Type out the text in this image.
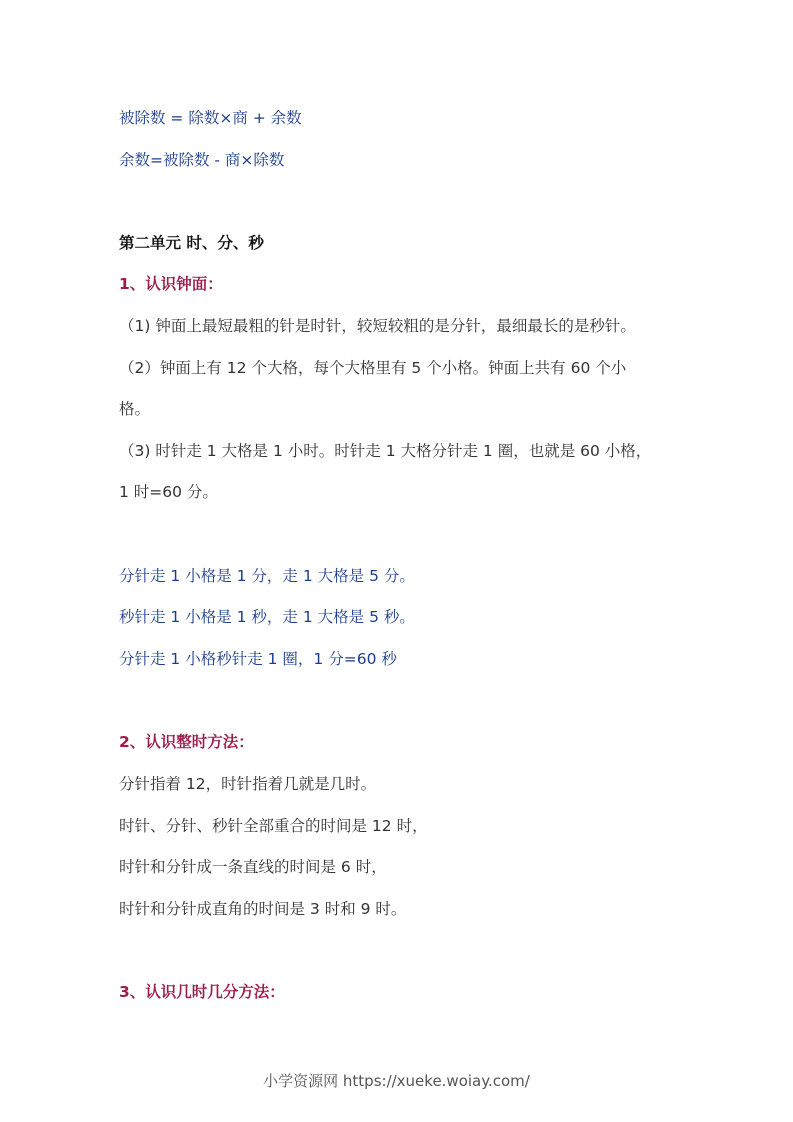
被除数 = 除数×商 + 余数
余数=被除数 - 商×除数
第二单元 时、分、秒
1、认识钟面：
（1) 钟面上最短最粗的针是时针，较短较粗的是分针，最细最长的是秒针。
（2）钟面上有 12 个大格，每个大格里有 5 个小格。钟面上共有 60 个小
格。
（3) 时针走 1 大格是 1 小时。时针走 1 大格分针走 1 圈，也就是 60 小格，
1 时=60 分。
分针走 1 小格是 1 分，走 1 大格是 5 分。
秒针走 1 小格是 1 秒，走 1 大格是 5 秒。
分针走 1 小格秒针走 1 圈，1 分=60 秒
2、认识整时方法：
分针指着 12，时针指着几就是几时。
时针、分针、秒针全部重合的时间是 12 时，
时针和分针成一条直线的时间是 6 时，
时针和分针成直角的时间是 3 时和 9 时。
3、认识几时几分方法：
小学资源网 https://xueke.woiay.com/
